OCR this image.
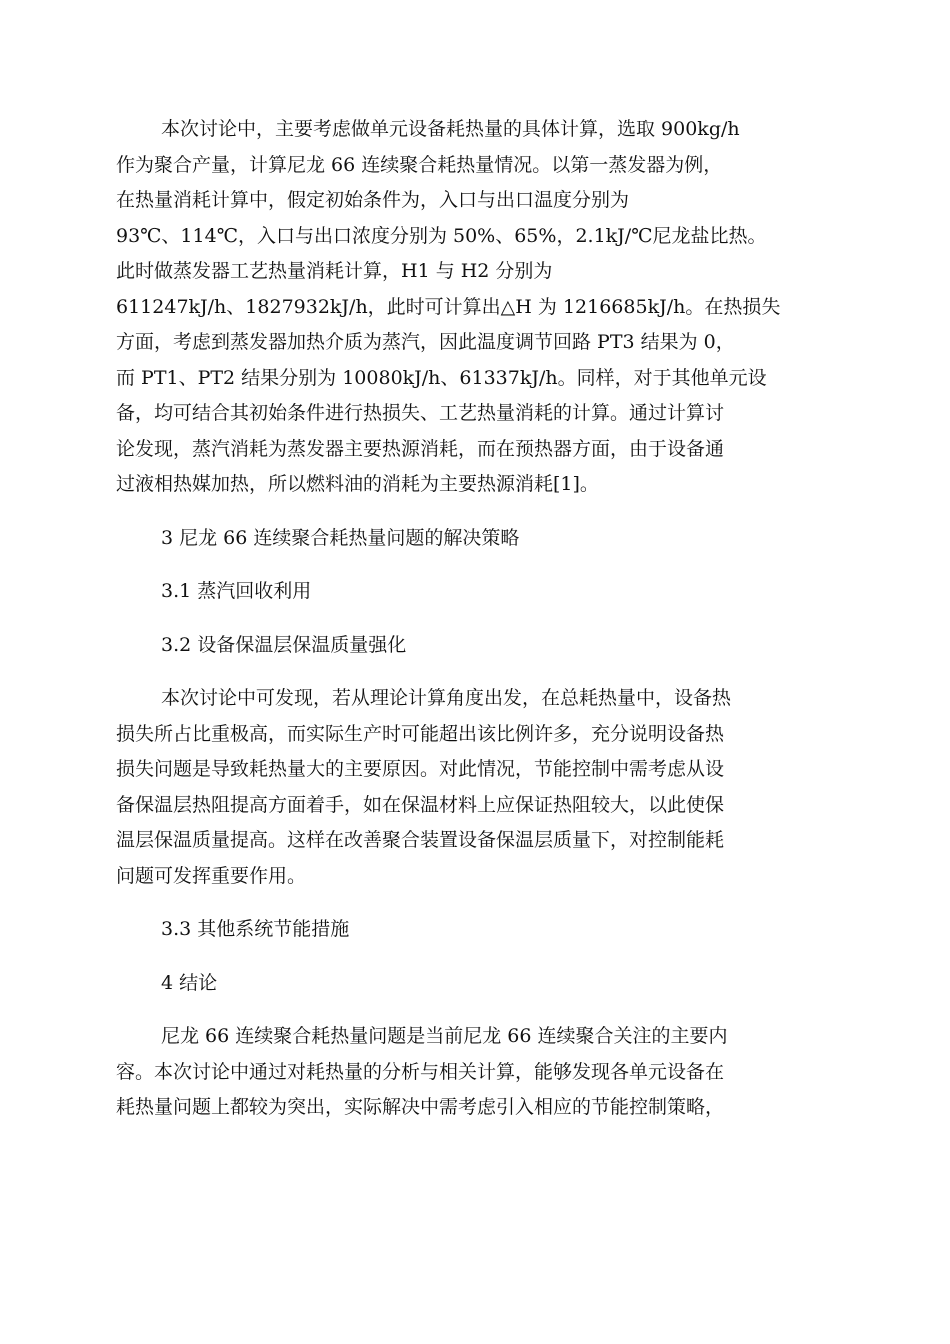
本次讨论中，主要考虑做单元设备耗热量的具体计算，选取 900kg/h
作为聚合产量，计算尼龙 66 连续聚合耗热量情况。以第一蒸发器为例，
在热量消耗计算中，假定初始条件为，入口与出口温度分别为
93℃、114℃，入口与出口浓度分别为 50%、65%，2.1kJ/℃尼龙盐比热。
此时做蒸发器工艺热量消耗计算，H1 与 H2 分别为
611247kJ/h、1827932kJ/h，此时可计算出△H 为 1216685kJ/h。在热损失
方面，考虑到蒸发器加热介质为蒸汽，因此温度调节回路 PT3 结果为 0，
而 PT1、PT2 结果分别为 10080kJ/h、61337kJ/h。同样，对于其他单元设
备，均可结合其初始条件进行热损失、工艺热量消耗的计算。通过计算讨
论发现，蒸汽消耗为蒸发器主要热源消耗，而在预热器方面，由于设备通
过液相热媒加热，所以燃料油的消耗为主要热源消耗[1]。
3 尼龙 66 连续聚合耗热量问题的解决策略
3.1 蒸汽回收利用
3.2 设备保温层保温质量强化
本次讨论中可发现，若从理论计算角度出发，在总耗热量中，设备热
损失所占比重极高，而实际生产时可能超出该比例许多，充分说明设备热
损失问题是导致耗热量大的主要原因。对此情况，节能控制中需考虑从设
备保温层热阻提高方面着手，如在保温材料上应保证热阻较大，以此使保
温层保温质量提高。这样在改善聚合装置设备保温层质量下，对控制能耗
问题可发挥重要作用。
3.3 其他系统节能措施
4 结论
尼龙 66 连续聚合耗热量问题是当前尼龙 66 连续聚合关注的主要内
容。本次讨论中通过对耗热量的分析与相关计算，能够发现各单元设备在
耗热量问题上都较为突出，实际解决中需考虑引入相应的节能控制策略，
